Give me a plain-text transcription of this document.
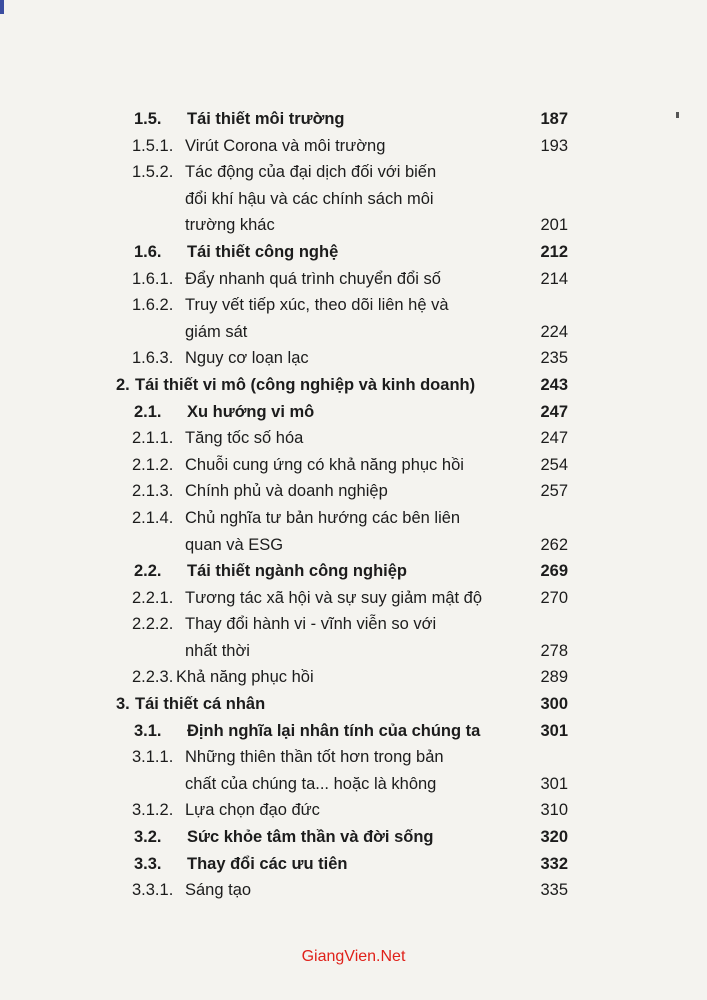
1.5. Tái thiết môi trường	187
1.5.1. Virút Corona và môi trường	193
1.5.2. Tác động của đại dịch đối với biến
đổi khí hậu và các chính sách môi
trường khác	201
1.6. Tái thiết công nghệ	212
1.6.1. Đẩy nhanh quá trình chuyển đổi số	214
1.6.2. Truy vết tiếp xúc, theo dõi liên hệ và
giám sát	224
1.6.3. Nguy cơ loạn lạc	235
2. Tái thiết vi mô (công nghiệp và kinh doanh)	243
2.1. Xu hướng vi mô	247
2.1.1. Tăng tốc số hóa	247
2.1.2. Chuỗi cung ứng có khả năng phục hồi	254
2.1.3. Chính phủ và doanh nghiệp	257
2.1.4. Chủ nghĩa tư bản hướng các bên liên
quan và ESG	262
2.2. Tái thiết ngành công nghiệp	269
2.2.1. Tương tác xã hội và sự suy giảm mật độ	270
2.2.2. Thay đổi hành vi - vĩnh viễn so với
nhất thời	278
2.2.3. Khả năng phục hồi	289
3. Tái thiết cá nhân	300
3.1. Định nghĩa lại nhân tính của chúng ta	301
3.1.1. Những thiên thần tốt hơn trong bản
chất của chúng ta... hoặc là không	301
3.1.2. Lựa chọn đạo đức	310
3.2. Sức khỏe tâm thần và đời sống	320
3.3. Thay đổi các ưu tiên	332
3.3.1. Sáng tạo	335
GiangVien.Net
